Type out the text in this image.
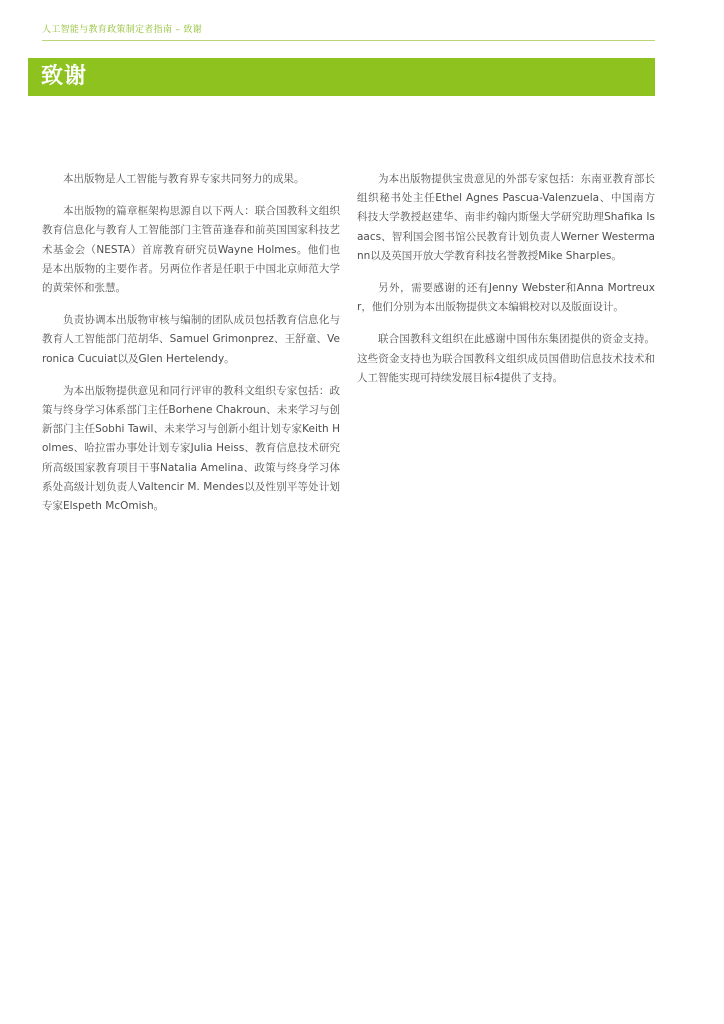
人工智能与教育政策制定者指南 – 致谢
致谢

本出版物是人工智能与教育界专家共同努力的成果。

本出版物的篇章框架构思源自以下两人：联合国教科文组织教育信息化与教育人工智能部门主管苗逢春和前英国国家科技艺术基金会（NESTA）首席教育研究员Wayne Holmes。他们也是本出版物的主要作者。另两位作者是任职于中国北京师范大学的黄荣怀和张慧。

负责协调本出版物审核与编制的团队成员包括教育信息化与教育人工智能部门范胡华、Samuel Grimonprez、王舒童、Veronica Cucuiat以及Glen Hertelendy。

为本出版物提供意见和同行评审的教科文组织专家包括：政策与终身学习体系部门主任Borhene Chakroun、未来学习与创新部门主任Sobhi Tawil、未来学习与创新小组计划专家Keith Holmes、哈拉雷办事处计划专家Julia Heiss、教育信息技术研究所高级国家教育项目干事Natalia Amelina、政策与终身学习体系处高级计划负责人Valtencir M. Mendes以及性别平等处计划专家Elspeth McOmish。

为本出版物提供宝贵意见的外部专家包括：东南亚教育部长组织秘书处主任Ethel Agnes Pascua-Valenzuela、中国南方科技大学教授赵建华、南非约翰内斯堡大学研究助理Shafika Isaacs、智利国会图书馆公民教育计划负责人Werner Westermann以及英国开放大学教育科技名誉教授Mike Sharples。

另外，需要感谢的还有Jenny Webster和Anna Mortreuxr，他们分别为本出版物提供文本编辑校对以及版面设计。

联合国教科文组织在此感谢中国伟东集团提供的资金支持。这些资金支持也为联合国教科文组织成员国借助信息技术技术和人工智能实现可持续发展目标4提供了支持。
